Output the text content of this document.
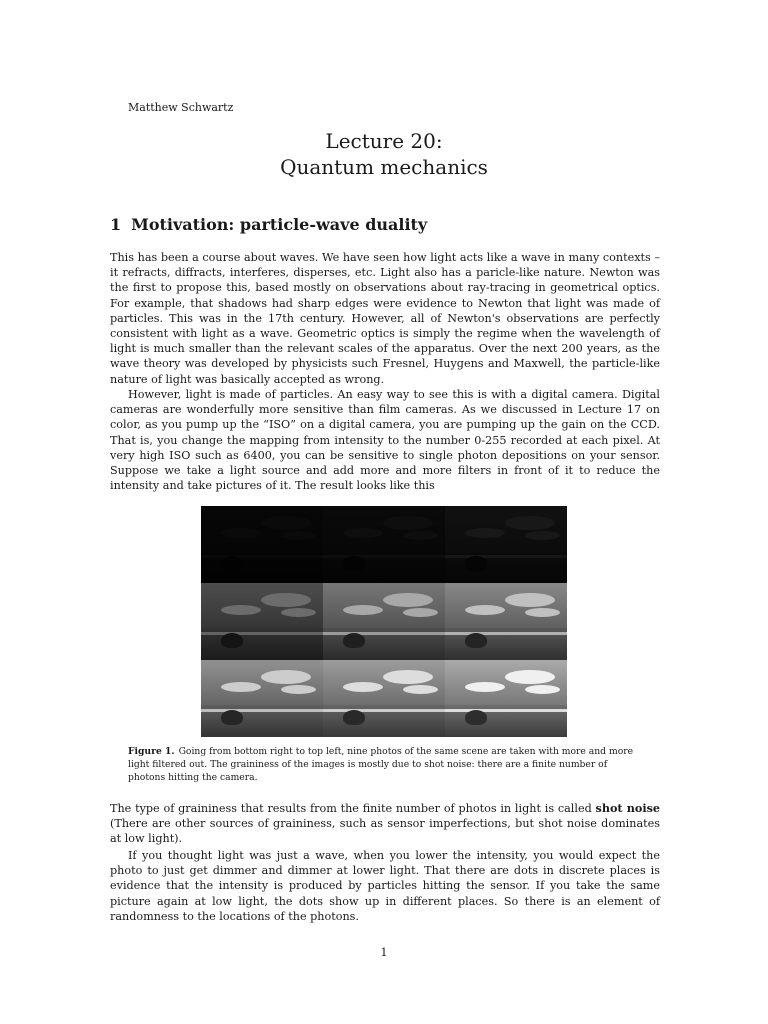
Matthew Schwartz
Lecture 20:
Quantum mechanics
1 Motivation: particle-wave duality

This has been a course about waves. We have seen how light acts like a wave in many contexts – it refracts, diffracts, interferes, disperses, etc. Light also has a paricle-like nature. Newton was the first to propose this, based mostly on observations about ray-tracing in geometrical optics. For example, that shadows had sharp edges were evidence to Newton that light was made of particles. This was in the 17th century. However, all of Newton's observations are perfectly consistent with light as a wave. Geometric optics is simply the regime when the wavelength of light is much smaller than the relevant scales of the apparatus. Over the next 200 years, as the wave theory was developed by physicists such Fresnel, Huygens and Maxwell, the particle-like nature of light was basically accepted as wrong.

However, light is made of particles. An easy way to see this is with a digital camera. Digital cameras are wonderfully more sensitive than film cameras. As we discussed in Lecture 17 on color, as you pump up the “ISO” on a digital camera, you are pumping up the gain on the CCD. That is, you change the mapping from intensity to the number 0-255 recorded at each pixel. At very high ISO such as 6400, you can be sensitive to single photon depositions on your sensor. Suppose we take a light source and add more and more filters in front of it to reduce the intensity and take pictures of it. The result looks like this

Figure 1. Going from bottom right to top left, nine photos of the same scene are taken with more and more light filtered out. The graininess of the images is mostly due to shot noise: there are a finite number of photons hitting the camera.

The type of graininess that results from the finite number of photos in light is called shot noise (There are other sources of graininess, such as sensor imperfections, but shot noise dominates at low light).

If you thought light was just a wave, when you lower the intensity, you would expect the photo to just get dimmer and dimmer at lower light. That there are dots in discrete places is evidence that the intensity is produced by particles hitting the sensor. If you take the same picture again at low light, the dots show up in different places. So there is an element of randomness to the locations of the photons.

1
